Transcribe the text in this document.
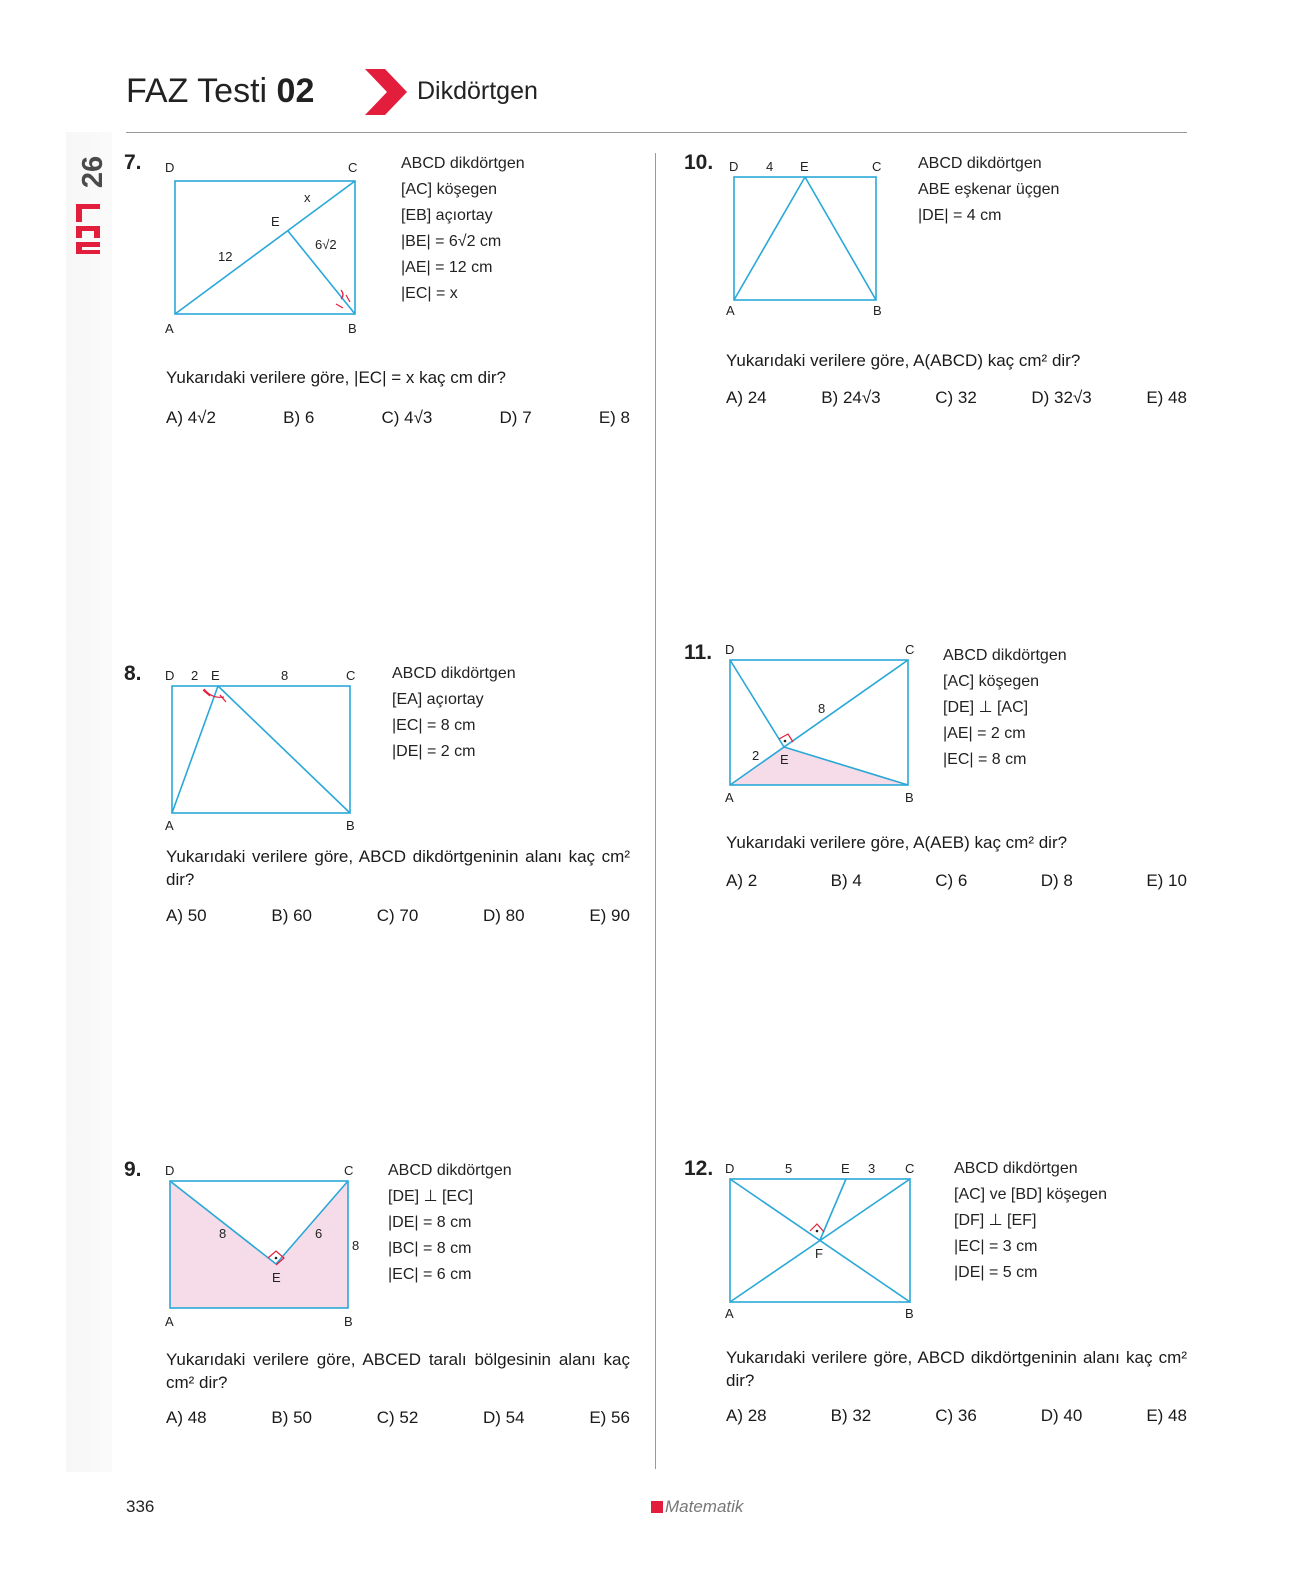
26
FAZ Testi 02	Dikdörtgen
7. D	C
A	B
E
x
12
6√2
ABCD dikdörtgen
[AC] köşegen
[EB] açıortay
|BE| = 6√2 cm
|AE| = 12 cm
|EC| = x
Yukarıdaki verilere göre, |EC| = x kaç cm dir?
A) 4√2	B) 6	C) 4√3	D) 7	E) 8
8. D 2 E	8	C
A	B
ABCD dikdörtgen
[EA] açıortay
|EC| = 8 cm
|DE| = 2 cm
Yukarıdaki verilere göre, ABCD dikdörtgeninin alanı kaç cm² dir?
A) 50	B) 60	C) 70	D) 80	E) 90
9. D	C
8	6
8
E
A	B
ABCD dikdörtgen
[DE] ⊥ [EC]
|DE| = 8 cm
|BC| = 8 cm
|EC| = 6 cm
Yukarıdaki verilere göre, ABCED taralı bölgesinin alanı kaç cm² dir?
A) 48	B) 50	C) 52	D) 54	E) 56
10. D 4 E	C
A	B
ABCD dikdörtgen
ABE eşkenar üçgen
|DE| = 4 cm
Yukarıdaki verilere göre, A(ABCD) kaç cm² dir?
A) 24	B) 24√3	C) 32	D) 32√3	E) 48
11. D	C
8
2 E
A	B
ABCD dikdörtgen
[AC] köşegen
[DE] ⊥ [AC]
|AE| = 2 cm
|EC| = 8 cm
Yukarıdaki verilere göre, A(AEB) kaç cm² dir?
A) 2	B) 4	C) 6	D) 8	E) 10
12. D	5	E 3 C
F
A	B
ABCD dikdörtgen
[AC] ve [BD] köşegen
[DF] ⊥ [EF]
|EC| = 3 cm
|DE| = 5 cm
Yukarıdaki verilere göre, ABCD dikdörtgeninin alanı kaç cm² dir?
A) 28	B) 32	C) 36	D) 40	E) 48
336	Matematik
